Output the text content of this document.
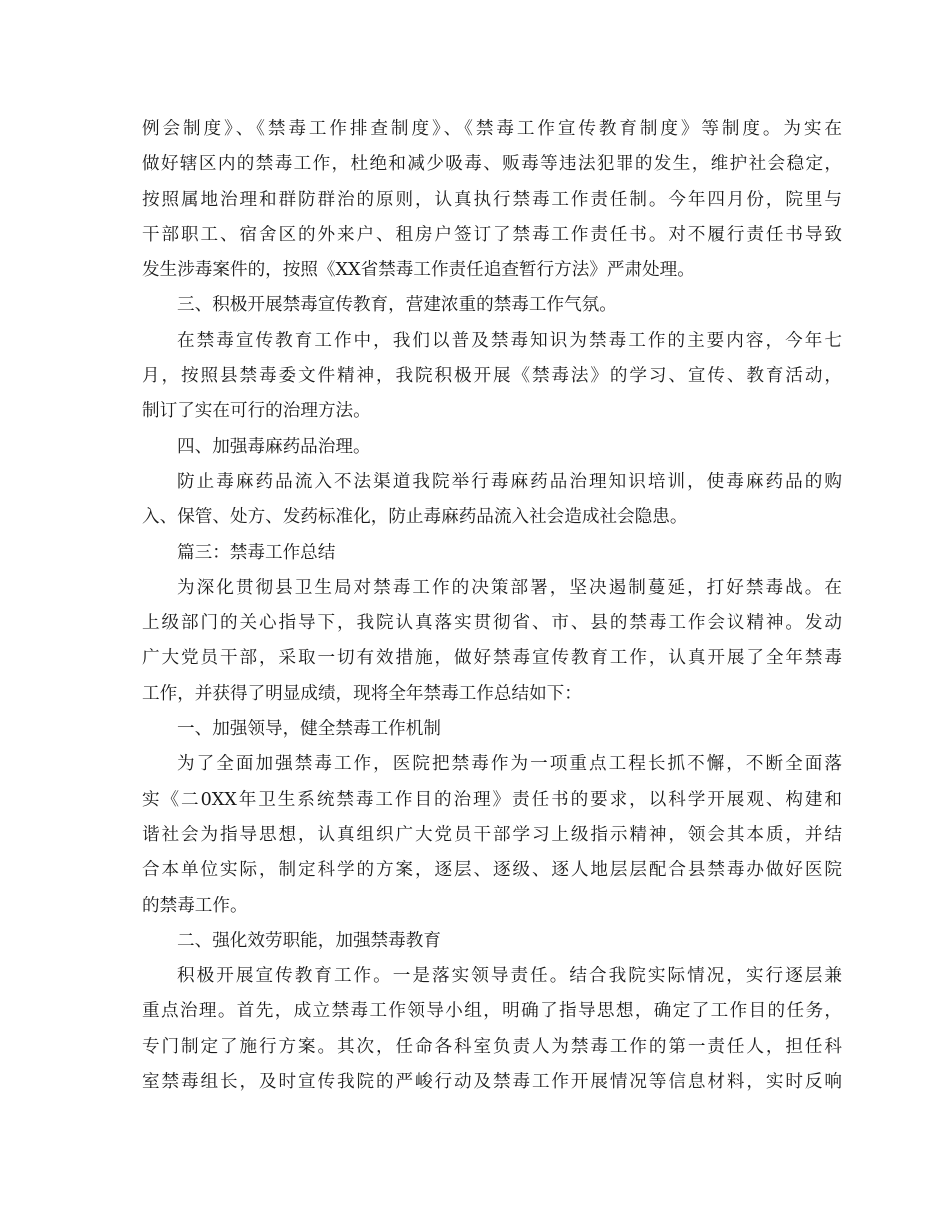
例会制度》、《禁毒工作排查制度》、《禁毒工作宣传教育制度》等制度。为实在
做好辖区内的禁毒工作，杜绝和减少吸毒、贩毒等违法犯罪的发生，维护社会稳定，
按照属地治理和群防群治的原则，认真执行禁毒工作责任制。今年四月份，院里与
干部职工、宿舍区的外来户、租房户签订了禁毒工作责任书。对不履行责任书导致
发生涉毒案件的，按照《XX省禁毒工作责任追查暂行方法》严肃处理。
三、积极开展禁毒宣传教育，营建浓重的禁毒工作气氛。
在禁毒宣传教育工作中，我们以普及禁毒知识为禁毒工作的主要内容，今年七
月，按照县禁毒委文件精神，我院积极开展《禁毒法》的学习、宣传、教育活动，
制订了实在可行的治理方法。
四、加强毒麻药品治理。
防止毒麻药品流入不法渠道我院举行毒麻药品治理知识培训，使毒麻药品的购
入、保管、处方、发药标准化，防止毒麻药品流入社会造成社会隐患。
篇三：禁毒工作总结
为深化贯彻县卫生局对禁毒工作的决策部署，坚决遏制蔓延，打好禁毒战。在
上级部门的关心指导下，我院认真落实贯彻省、市、县的禁毒工作会议精神。发动
广大党员干部，采取一切有效措施，做好禁毒宣传教育工作，认真开展了全年禁毒
工作，并获得了明显成绩，现将全年禁毒工作总结如下：
一、加强领导，健全禁毒工作机制
为了全面加强禁毒工作，医院把禁毒作为一项重点工程长抓不懈，不断全面落
实《二0XX年卫生系统禁毒工作目的治理》责任书的要求，以科学开展观、构建和
谐社会为指导思想，认真组织广大党员干部学习上级指示精神，领会其本质，并结
合本单位实际，制定科学的方案，逐层、逐级、逐人地层层配合县禁毒办做好医院
的禁毒工作。
二、强化效劳职能，加强禁毒教育
积极开展宣传教育工作。一是落实领导责任。结合我院实际情况，实行逐层兼
重点治理。首先，成立禁毒工作领导小组，明确了指导思想，确定了工作目的任务，
专门制定了施行方案。其次，任命各科室负责人为禁毒工作的第一责任人，担任科
室禁毒组长，及时宣传我院的严峻行动及禁毒工作开展情况等信息材料，实时反响
